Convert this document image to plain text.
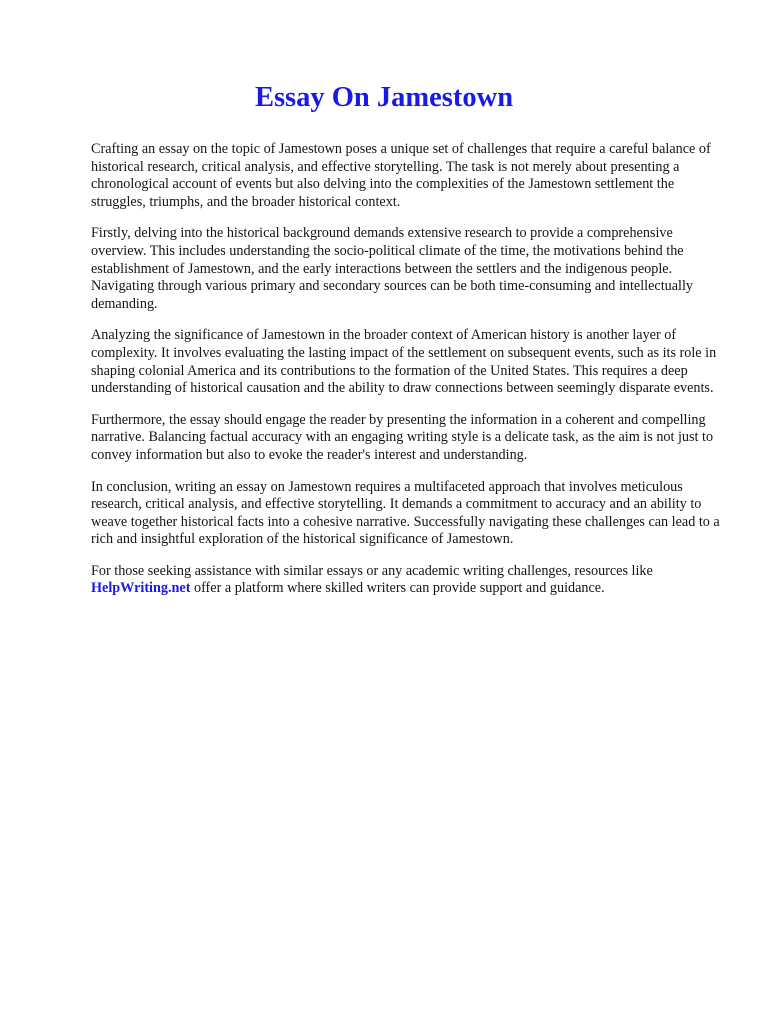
Essay On Jamestown

Crafting an essay on the topic of Jamestown poses a unique set of challenges that require a careful balance of historical research, critical analysis, and effective storytelling. The task is not merely about presenting a chronological account of events but also delving into the complexities of the Jamestown settlement the struggles, triumphs, and the broader historical context.

Firstly, delving into the historical background demands extensive research to provide a comprehensive overview. This includes understanding the socio-political climate of the time, the motivations behind the establishment of Jamestown, and the early interactions between the settlers and the indigenous people. Navigating through various primary and secondary sources can be both time-consuming and intellectually demanding.

Analyzing the significance of Jamestown in the broader context of American history is another layer of complexity. It involves evaluating the lasting impact of the settlement on subsequent events, such as its role in shaping colonial America and its contributions to the formation of the United States. This requires a deep understanding of historical causation and the ability to draw connections between seemingly disparate events.

Furthermore, the essay should engage the reader by presenting the information in a coherent and compelling narrative. Balancing factual accuracy with an engaging writing style is a delicate task, as the aim is not just to convey information but also to evoke the reader's interest and understanding.

In conclusion, writing an essay on Jamestown requires a multifaceted approach that involves meticulous research, critical analysis, and effective storytelling. It demands a commitment to accuracy and an ability to weave together historical facts into a cohesive narrative. Successfully navigating these challenges can lead to a rich and insightful exploration of the historical significance of Jamestown.

For those seeking assistance with similar essays or any academic writing challenges, resources like HelpWriting.net offer a platform where skilled writers can provide support and guidance.
